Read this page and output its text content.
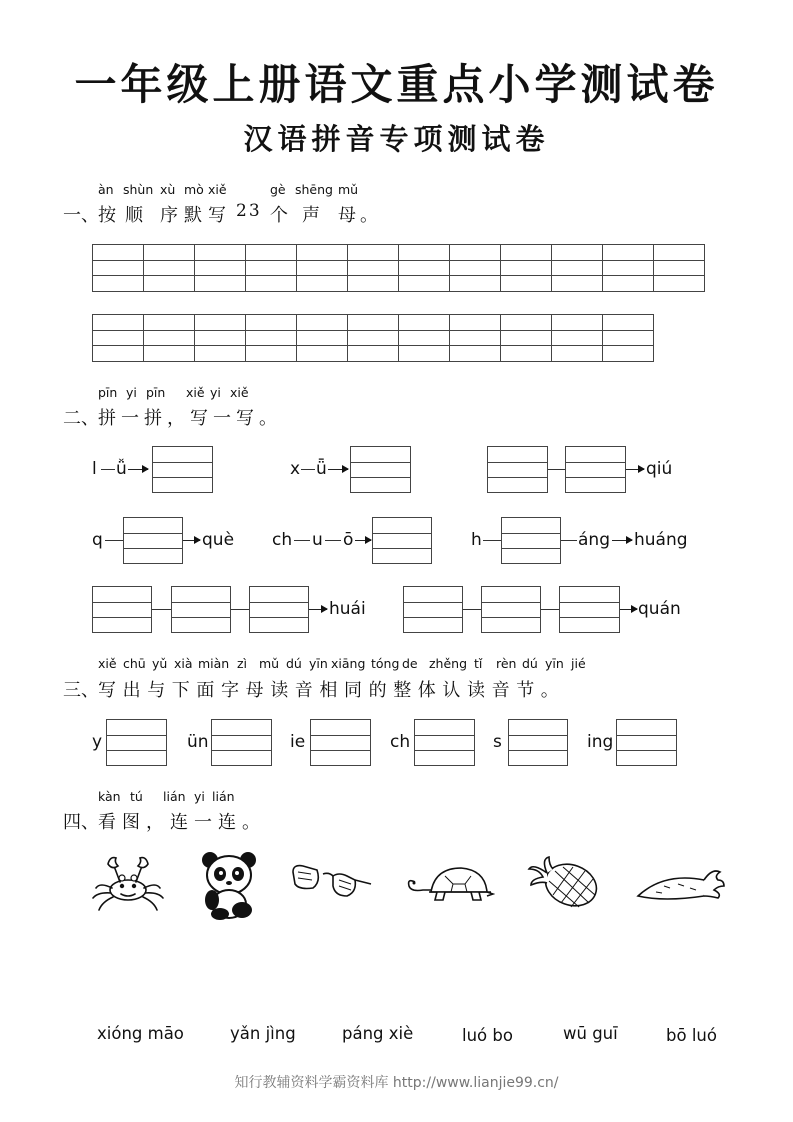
一年级上册语文重点小学测试卷
汉语拼音专项测试卷
àn shùn xù mò xiě	gè shēng mǔ
一、 按 顺 序 默 写 23 个 声 母 。

pīn yi pīn xiě yi xiě
二、 拼一拼，写一写。
l ǚ	x ǖ	qiú
q	què ch u ō	h	áng huáng
huái	quán
xiě chū yǔ xià miàn zì mǔ dú yīn xiāng tóng de zhěng tǐ rèn dú yīn jié
三、 写出与下面字母读音相同的整体认读音节。
y	ün	ie	ch	s	ing
kàn tú lián yi lián
四、 看图，连一连。
xióng māo	yǎn jìng	páng xiè	luó bo	wū guī	bō luó
知行教辅资料学霸资料库 http://www.lianjie99.cn/
